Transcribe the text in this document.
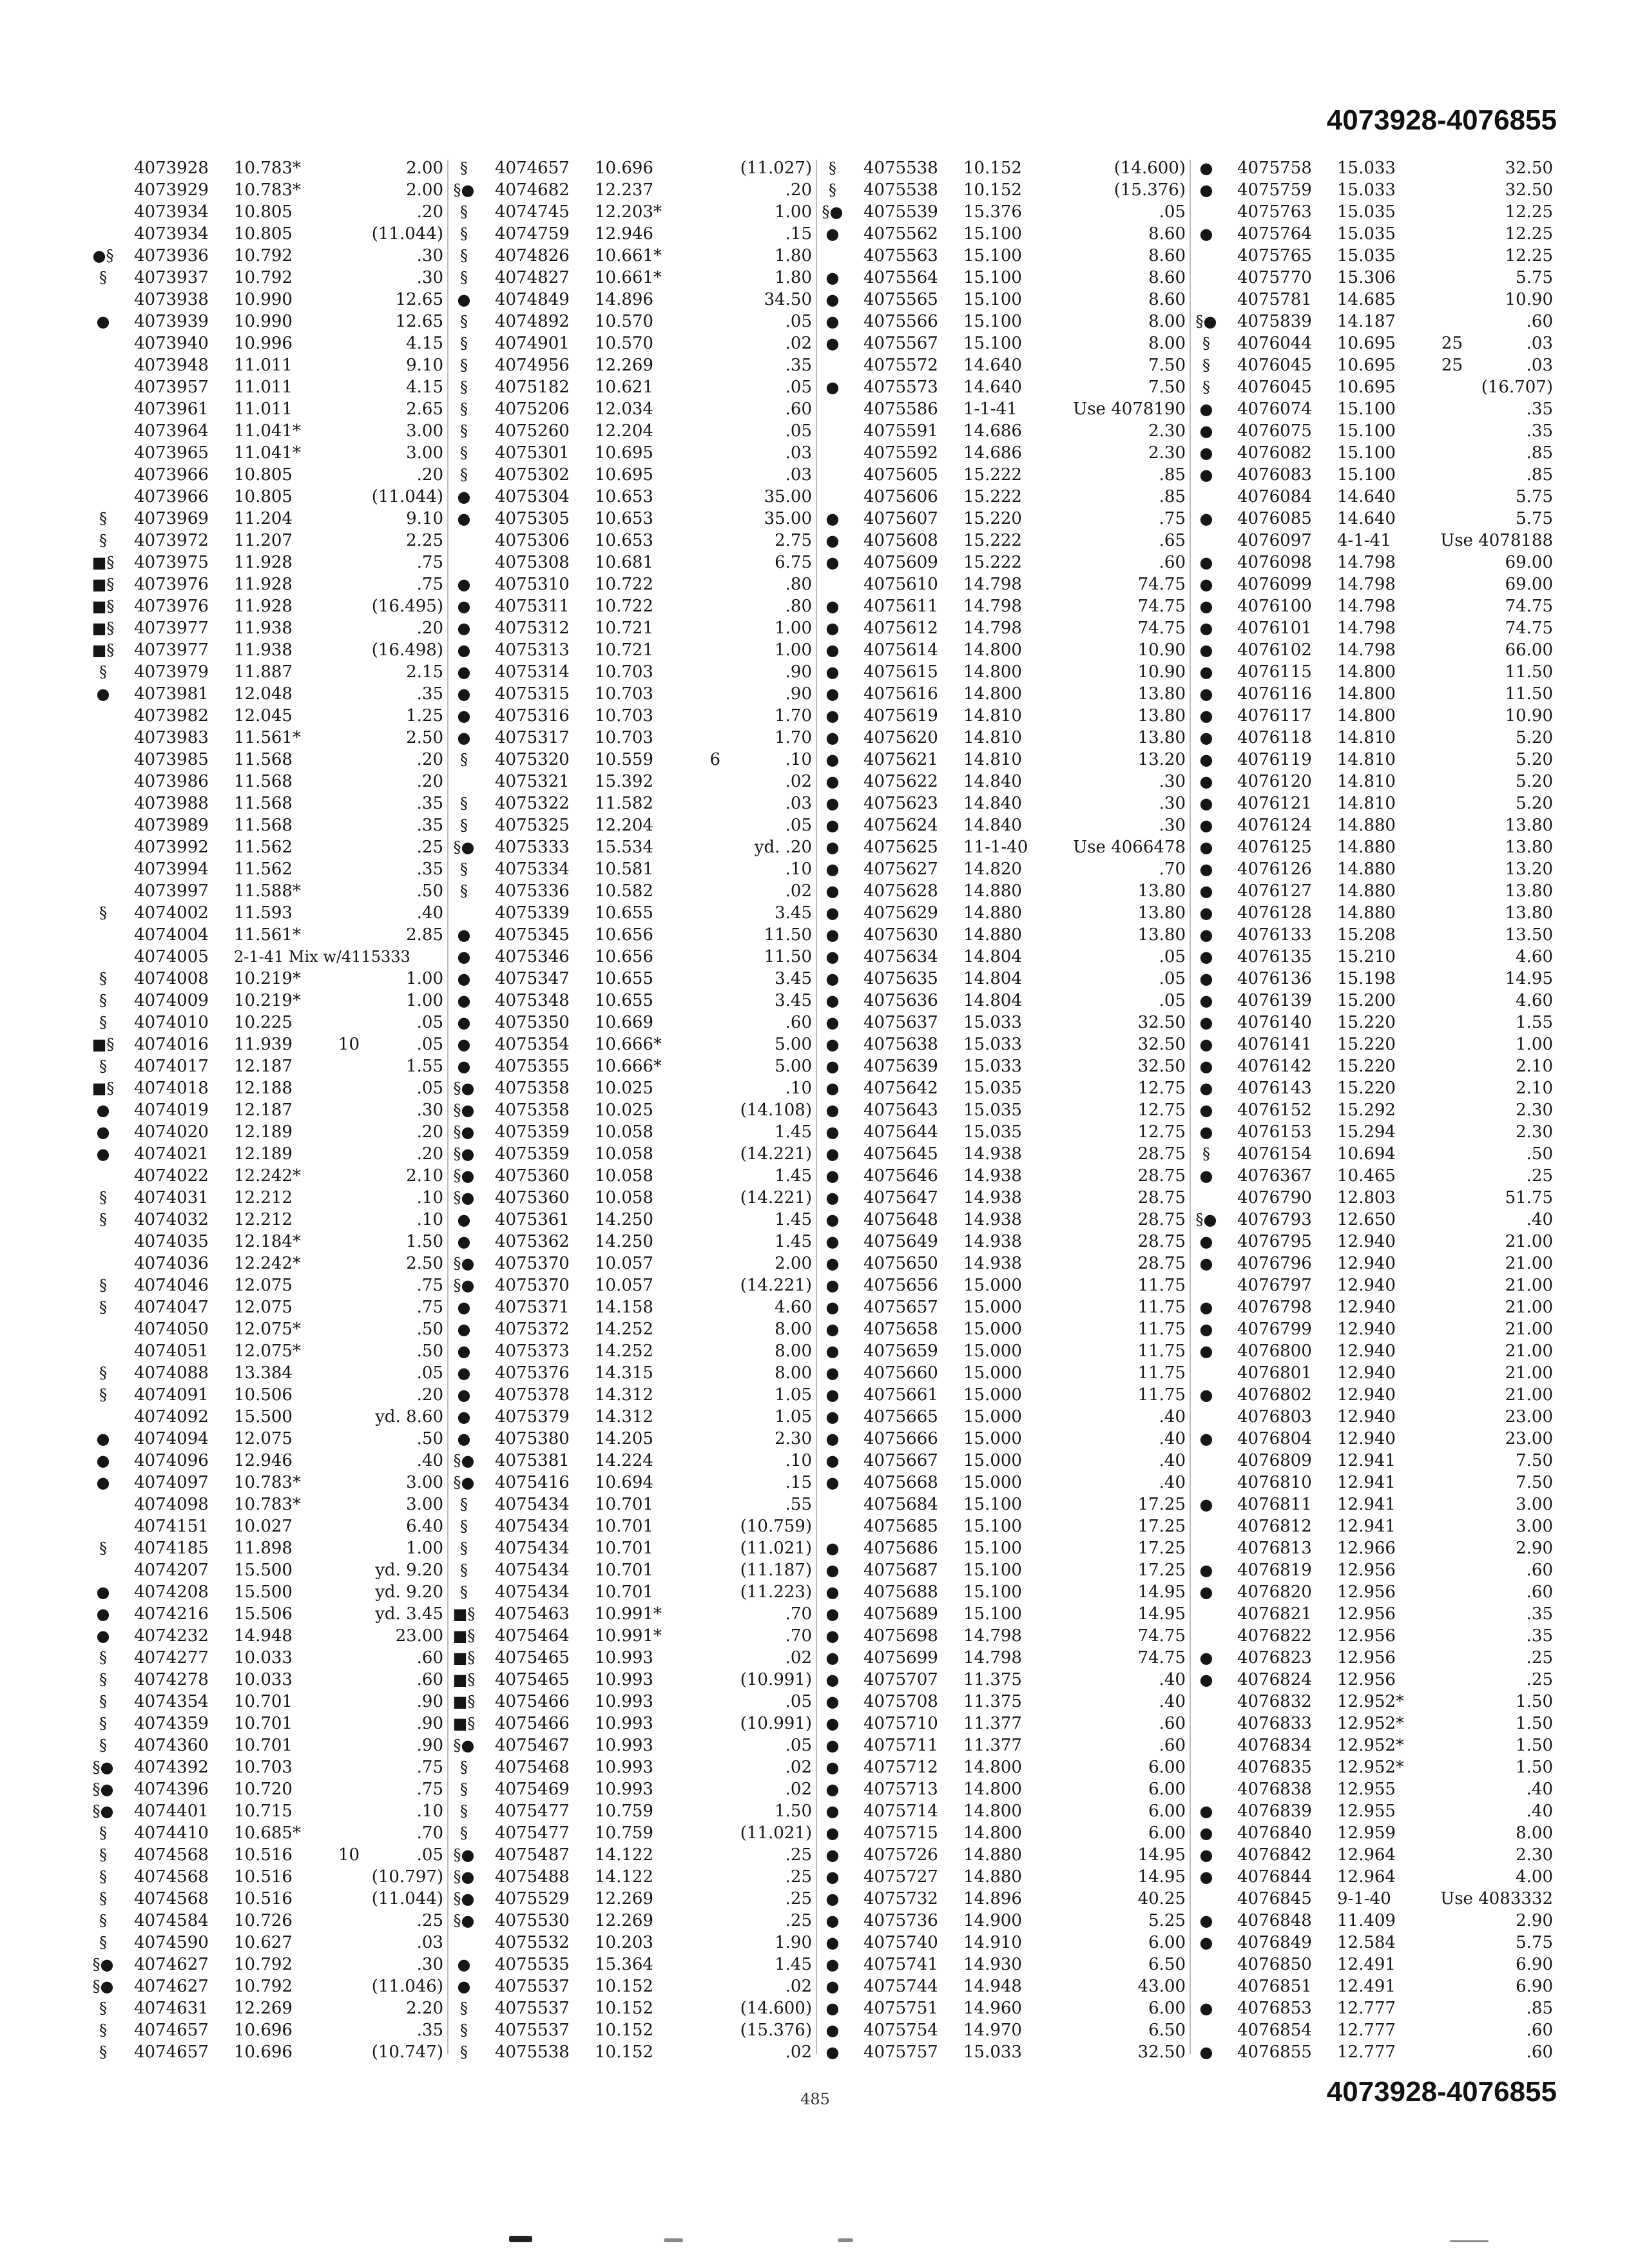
4073928-4076855
4073928 10.783*	2.00
4073929 10.783*	2.00
4073934 10.805	.20
4073934 10.805	(11.044)
●§ 4073936 10.792	.30
§	4073937 10.792	.30
4073938 10.990	12.65
●	4073939 10.990	12.65
4073940 10.996	4.15
4073948 11.011	9.10
4073957 11.011	4.15
4073961 11.011	2.65
4073964 11.041*	3.00
4073965 11.041*	3.00
4073966 10.805	.20
4073966 10.805	(11.044)
§	4073969 11.204	9.10
§	4073972 11.207	2.25
■§ 4073975 11.928	.75
■§ 4073976 11.928	.75
■§ 4073976 11.928	(16.495)
■§ 4073977 11.938	.20
■§ 4073977 11.938	(16.498)
§	4073979 11.887	2.15
●	4073981 12.048	.35
4073982 12.045	1.25
4073983 11.561*	2.50
4073985 11.568	.20
4073986 11.568	.20
4073988 11.568	.35
4073989 11.568	.35
4073992 11.562	.25
4073994 11.562	.35
4073997 11.588*	.50
§	4074002 11.593	.40
4074004 11.561*	2.85
4074005 2-1-41 Mix w/4115333
§	4074008 10.219*	1.00
§	4074009 10.219*	1.00
§	4074010 10.225	.05
■§ 4074016 11.939	10	.05
§	4074017 12.187	1.55
■§ 4074018 12.188	.05
●	4074019 12.187	.30
●	4074020 12.189	.20
●	4074021 12.189	.20
4074022 12.242*	2.10
§	4074031 12.212	.10
§	4074032 12.212	.10
4074035 12.184*	1.50
4074036 12.242*	2.50
§	4074046 12.075	.75
§	4074047 12.075	.75
4074050 12.075*	.50
4074051 12.075*	.50
§	4074088 13.384	.05
§	4074091 10.506	.20
4074092 15.500	yd. 8.60
●	4074094 12.075	.50
●	4074096 12.946	.40
●	4074097 10.783*	3.00
4074098 10.783*	3.00
4074151 10.027	6.40
§	4074185 11.898	1.00
4074207 15.500	yd. 9.20
●	4074208 15.500	yd. 9.20
●	4074216 15.506	yd. 3.45
●	4074232 14.948	23.00
§	4074277 10.033	.60
§	4074278 10.033	.60
§	4074354 10.701	.90
§	4074359 10.701	.90
§	4074360 10.701	.90
§● 4074392 10.703	.75
§● 4074396 10.720	.75
§● 4074401 10.715	.10
§	4074410 10.685*	.70
§	4074568 10.516	10	.05
§	4074568 10.516	(10.797)
§	4074568 10.516	(11.044)
§	4074584 10.726	.25
§	4074590 10.627	.03
§● 4074627 10.792	.30
§● 4074627 10.792	(11.046)
§	4074631 12.269	2.20
§	4074657 10.696	.35
§	4074657 10.696	(10.747)
§	4074657 10.696	(11.027)
§● 4074682 12.237	.20
§	4074745 12.203*	1.00
§	4074759 12.946	.15
§	4074826 10.661*	1.80
§	4074827 10.661*	1.80
●	4074849 14.896	34.50
§	4074892 10.570	.05
§	4074901 10.570	.02
§	4074956 12.269	.35
§	4075182 10.621	.05
§	4075206 12.034	.60
§	4075260 12.204	.05
§	4075301 10.695	.03
§	4075302 10.695	.03
●	4075304 10.653	35.00
●	4075305 10.653	35.00
4075306 10.653	2.75
4075308 10.681	6.75
●	4075310 10.722	.80
●	4075311 10.722	.80
●	4075312 10.721	1.00
●	4075313 10.721	1.00
●	4075314 10.703	.90
●	4075315 10.703	.90
●	4075316 10.703	1.70
●	4075317 10.703	1.70
§	4075320 10.559	6	.10
4075321 15.392	.02
§	4075322 11.582	.03
§	4075325 12.204	.05
§● 4075333 15.534	yd. .20
§	4075334 10.581	.10
§	4075336 10.582	.02
4075339 10.655	3.45
●	4075345 10.656	11.50
●	4075346 10.656	11.50
●	4075347 10.655	3.45
●	4075348 10.655	3.45
●	4075350 10.669	.60
●	4075354 10.666*	5.00
●	4075355 10.666*	5.00
§● 4075358 10.025	.10
§● 4075358 10.025	(14.108)
§● 4075359 10.058	1.45
§● 4075359 10.058	(14.221)
§● 4075360 10.058	1.45
§● 4075360 10.058	(14.221)
●	4075361 14.250	1.45
●	4075362 14.250	1.45
§● 4075370 10.057	2.00
§● 4075370 10.057	(14.221)
●	4075371 14.158	4.60
●	4075372 14.252	8.00
●	4075373 14.252	8.00
●	4075376 14.315	8.00
●	4075378 14.312	1.05
●	4075379 14.312	1.05
●	4075380 14.205	2.30
§● 4075381 14.224	.10
§● 4075416 10.694	.15
§	4075434 10.701	.55
§	4075434 10.701	(10.759)
§	4075434 10.701	(11.021)
§	4075434 10.701	(11.187)
§	4075434 10.701	(11.223)
■§ 4075463 10.991*	.70
■§ 4075464 10.991*	.70
■§ 4075465 10.993	.02
■§ 4075465 10.993	(10.991)
■§ 4075466 10.993	.05
■§ 4075466 10.993	(10.991)
§● 4075467 10.993	.05
§	4075468 10.993	.02
§	4075469 10.993	.02
§	4075477 10.759	1.50
§	4075477 10.759	(11.021)
§● 4075487 14.122	.25
§● 4075488 14.122	.25
§● 4075529 12.269	.25
§● 4075530 12.269	.25
4075532 10.203	1.90
●	4075535 15.364	1.45
●	4075537 10.152	.02
§	4075537 10.152	(14.600)
§	4075537 10.152	(15.376)
§	4075538 10.152	.02
§	4075538 10.152	(14.600)
§	4075538 10.152	(15.376)
§● 4075539 15.376	.05
●	4075562 15.100	8.60
4075563 15.100	8.60
●	4075564 15.100	8.60
●	4075565 15.100	8.60
●	4075566 15.100	8.00
●	4075567 15.100	8.00
4075572 14.640	7.50
●	4075573 14.640	7.50
4075586 1-1-41	Use 4078190
4075591 14.686	2.30
4075592 14.686	2.30
4075605 15.222	.85
4075606 15.222	.85
●	4075607 15.220	.75
●	4075608 15.222	.65
●	4075609 15.222	.60
4075610 14.798	74.75
●	4075611 14.798	74.75
●	4075612 14.798	74.75
●	4075614 14.800	10.90
●	4075615 14.800	10.90
●	4075616 14.800	13.80
●	4075619 14.810	13.80
●	4075620 14.810	13.80
●	4075621 14.810	13.20
●	4075622 14.840	.30
●	4075623 14.840	.30
●	4075624 14.840	.30
●	4075625 11-1-40	Use 4066478
●	4075627 14.820	.70
●	4075628 14.880	13.80
●	4075629 14.880	13.80
●	4075630 14.880	13.80
●	4075634 14.804	.05
●	4075635 14.804	.05
●	4075636 14.804	.05
●	4075637 15.033	32.50
●	4075638 15.033	32.50
●	4075639 15.033	32.50
●	4075642 15.035	12.75
●	4075643 15.035	12.75
●	4075644 15.035	12.75
●	4075645 14.938	28.75
●	4075646 14.938	28.75
●	4075647 14.938	28.75
●	4075648 14.938	28.75
●	4075649 14.938	28.75
●	4075650 14.938	28.75
●	4075656 15.000	11.75
●	4075657 15.000	11.75
●	4075658 15.000	11.75
●	4075659 15.000	11.75
●	4075660 15.000	11.75
●	4075661 15.000	11.75
●	4075665 15.000	.40
●	4075666 15.000	.40
●	4075667 15.000	.40
●	4075668 15.000	.40
4075684 15.100	17.25
4075685 15.100	17.25
●	4075686 15.100	17.25
●	4075687 15.100	17.25
●	4075688 15.100	14.95
●	4075689 15.100	14.95
●	4075698 14.798	74.75
●	4075699 14.798	74.75
●	4075707 11.375	.40
●	4075708 11.375	.40
●	4075710 11.377	.60
●	4075711 11.377	.60
●	4075712 14.800	6.00
●	4075713 14.800	6.00
●	4075714 14.800	6.00
●	4075715 14.800	6.00
●	4075726 14.880	14.95
●	4075727 14.880	14.95
●	4075732 14.896	40.25
●	4075736 14.900	5.25
●	4075740 14.910	6.00
●	4075741 14.930	6.50
●	4075744 14.948	43.00
●	4075751 14.960	6.00
●	4075754 14.970	6.50
●	4075757 15.033	32.50
●	4075758 15.033	32.50
●	4075759 15.033	32.50
4075763 15.035	12.25
●	4075764 15.035	12.25
4075765 15.035	12.25
4075770 15.306	5.75
4075781 14.685	10.90
§● 4075839 14.187	.60
§	4076044 10.695	25	.03
§	4076045 10.695	25	.03
§	4076045 10.695	(16.707)
●	4076074 15.100	.35
●	4076075 15.100	.35
●	4076082 15.100	.85
●	4076083 15.100	.85
4076084 14.640	5.75
●	4076085 14.640	5.75
4076097 4-1-41	Use 4078188
●	4076098 14.798	69.00
●	4076099 14.798	69.00
●	4076100 14.798	74.75
●	4076101 14.798	74.75
●	4076102 14.798	66.00
●	4076115 14.800	11.50
●	4076116 14.800	11.50
●	4076117 14.800	10.90
●	4076118 14.810	5.20
●	4076119 14.810	5.20
●	4076120 14.810	5.20
●	4076121 14.810	5.20
●	4076124 14.880	13.80
●	4076125 14.880	13.80
●	4076126 14.880	13.20
●	4076127 14.880	13.80
●	4076128 14.880	13.80
●	4076133 15.208	13.50
●	4076135 15.210	4.60
●	4076136 15.198	14.95
●	4076139 15.200	4.60
●	4076140 15.220	1.55
●	4076141 15.220	1.00
●	4076142 15.220	2.10
●	4076143 15.220	2.10
●	4076152 15.292	2.30
●	4076153 15.294	2.30
§	4076154 10.694	.50
●	4076367 10.465	.25
4076790 12.803	51.75
§● 4076793 12.650	.40
●	4076795 12.940	21.00
●	4076796 12.940	21.00
4076797 12.940	21.00
●	4076798 12.940	21.00
●	4076799 12.940	21.00
●	4076800 12.940	21.00
4076801 12.940	21.00
●	4076802 12.940	21.00
4076803 12.940	23.00
●	4076804 12.940	23.00
4076809 12.941	7.50
4076810 12.941	7.50
●	4076811 12.941	3.00
4076812 12.941	3.00
4076813 12.966	2.90
●	4076819 12.956	.60
●	4076820 12.956	.60
4076821 12.956	.35
4076822 12.956	.35
●	4076823 12.956	.25
●	4076824 12.956	.25
4076832 12.952*	1.50
4076833 12.952*	1.50
4076834 12.952*	1.50
4076835 12.952*	1.50
4076838 12.955	.40
●	4076839 12.955	.40
●	4076840 12.959	8.00
●	4076842 12.964	2.30
●	4076844 12.964	4.00
4076845 9-1-40	Use 4083332
●	4076848 11.409	2.90
●	4076849 12.584	5.75
4076850 12.491	6.90
4076851 12.491	6.90
●	4076853 12.777	.85
4076854 12.777	.60
●	4076855 12.777	.60
485	4073928-4076855
